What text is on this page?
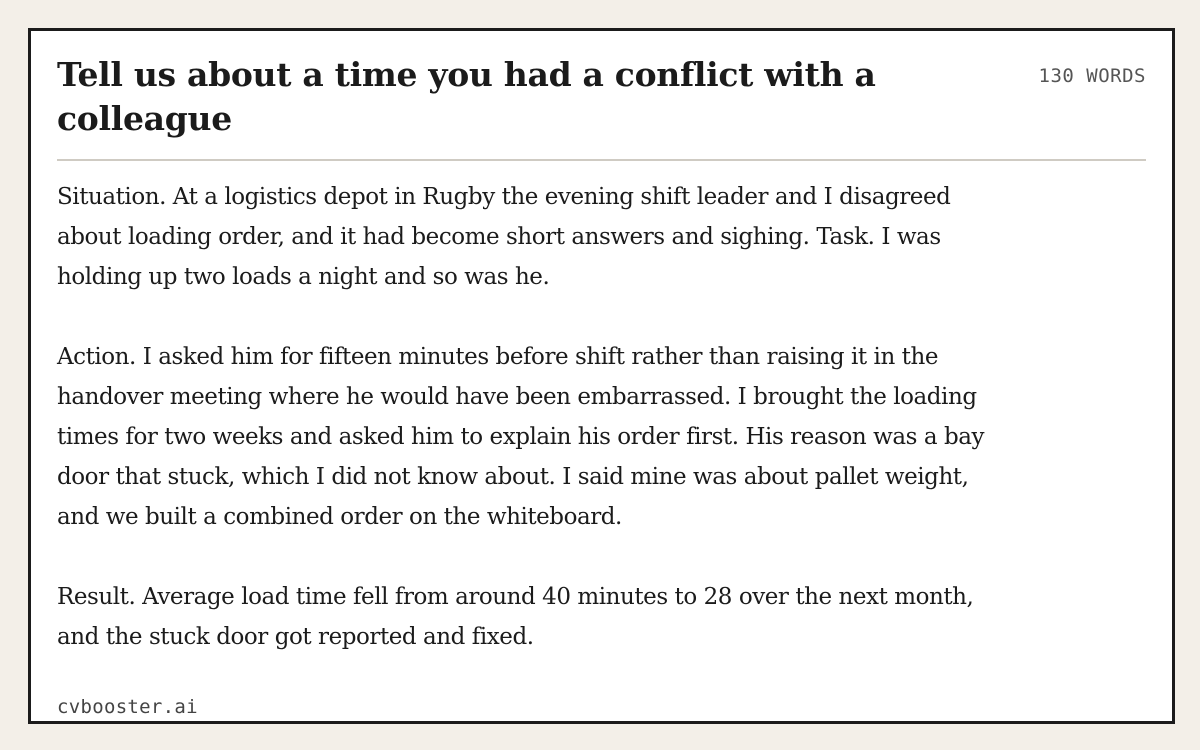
Tell us about a time you had a conflict with a colleague
130 WORDS

Situation. At a logistics depot in Rugby the evening shift leader and I disagreed about loading order, and it had become short answers and sighing. Task. I was holding up two loads a night and so was he.

Action. I asked him for fifteen minutes before shift rather than raising it in the handover meeting where he would have been embarrassed. I brought the loading times for two weeks and asked him to explain his order first. His reason was a bay door that stuck, which I did not know about. I said mine was about pallet weight, and we built a combined order on the whiteboard.

Result. Average load time fell from around 40 minutes to 28 over the next month, and the stuck door got reported and fixed.

cvbooster.ai
